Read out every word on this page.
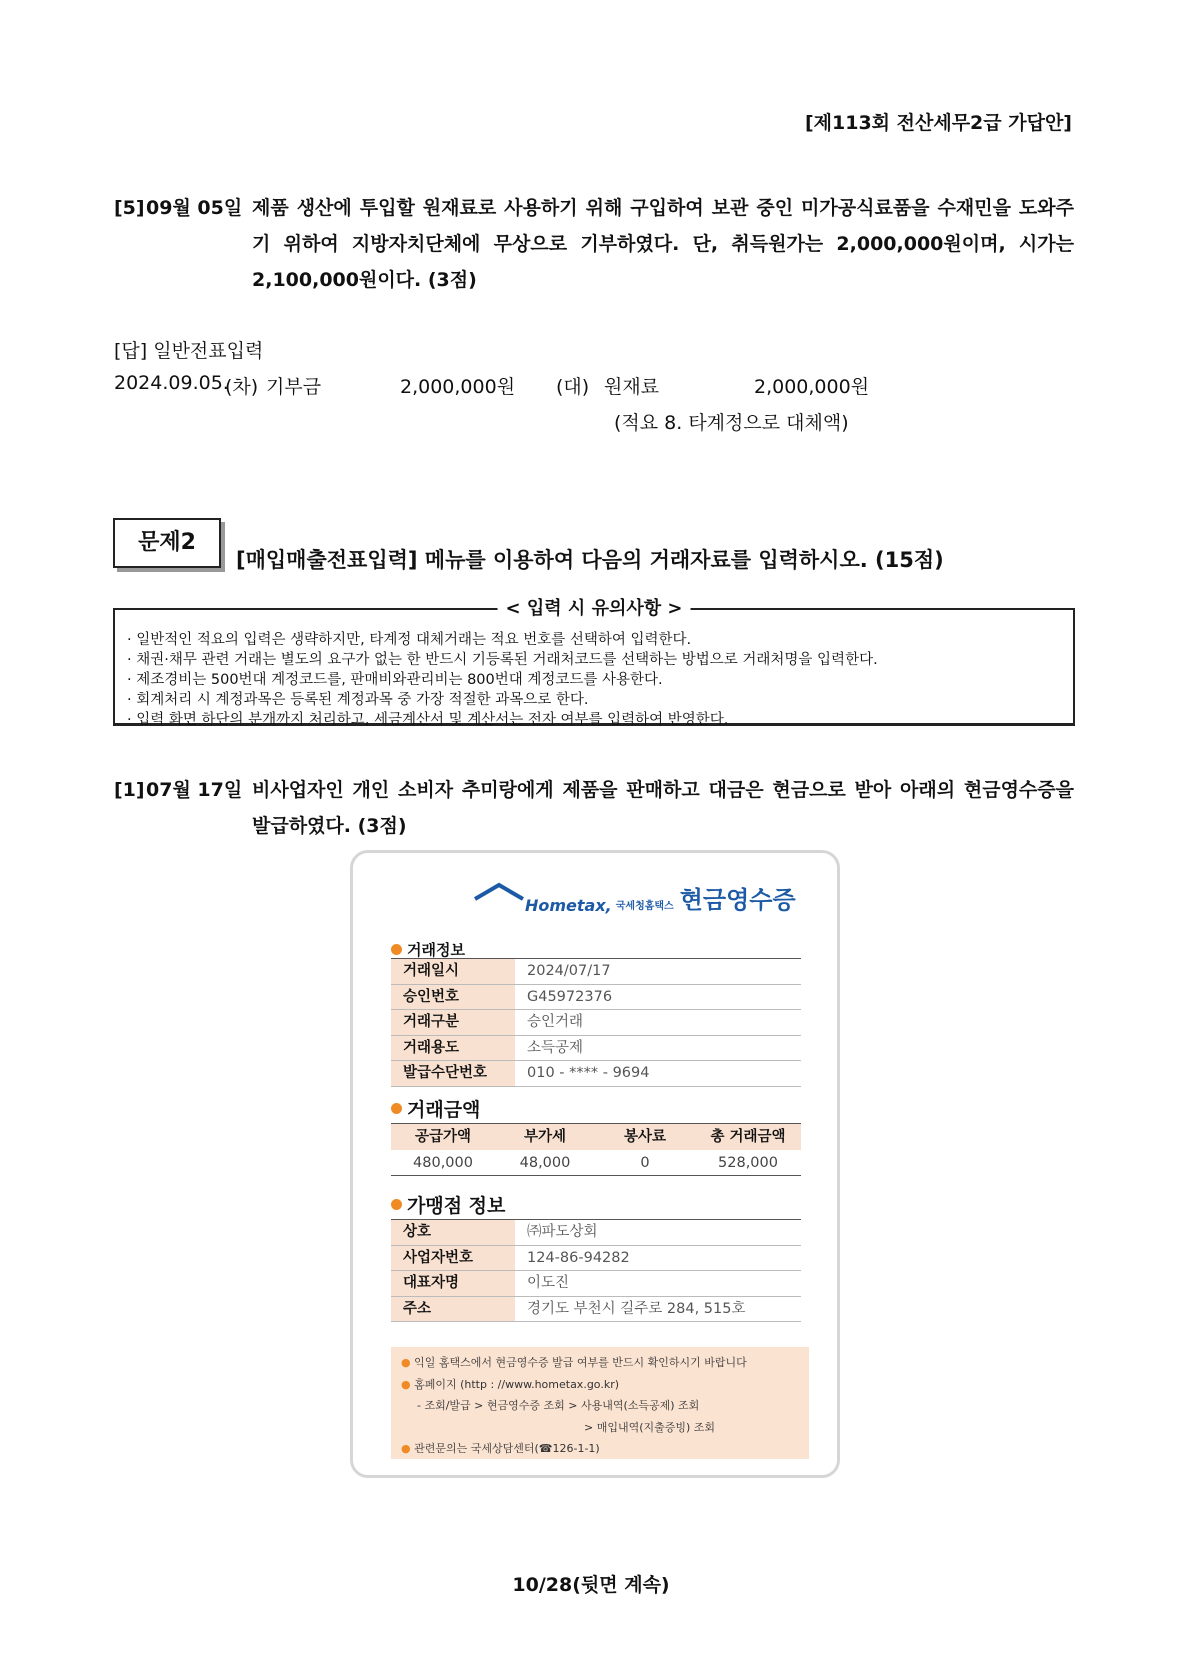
[제113회 전산세무2급 가답안]
[5] 09월 05일 제품 생산에 투입할 원재료로 사용하기 위해 구입하여 보관 중인 미가공식료품을 수재민을 도와주기 위하여 지방자치단체에 무상으로 기부하였다. 단, 취득원가는 2,000,000원이며, 시가는 2,100,000원이다. (3점)
[답] 일반전표입력
2024.09.05.
(차) 기부금	2,000,000원 (대) 원재료	2,000,000원
(적요 8. 타계정으로 대체액)
문제2
[매입매출전표입력] 메뉴를 이용하여 다음의 거래자료를 입력하시오. (15점)
< 입력 시 유의사항 >
· 일반적인 적요의 입력은 생략하지만, 타계정 대체거래는 적요 번호를 선택하여 입력한다.
· 채권·채무 관련 거래는 별도의 요구가 없는 한 반드시 기등록된 거래처코드를 선택하는 방법으로 거래처명을 입력한다.
· 제조경비는 500번대 계정코드를, 판매비와관리비는 800번대 계정코드를 사용한다.
· 회계처리 시 계정과목은 등록된 계정과목 중 가장 적절한 과목으로 한다.
· 입력 화면 하단의 분개까지 처리하고, 세금계산서 및 계산서는 전자 여부를 입력하여 반영한다.
[1] 07월 17일 비사업자인 개인 소비자 추미랑에게 제품을 판매하고 대금은 현금으로 받아 아래의 현금영수증을 발급하였다. (3점)
Hometax, 국세청홈택스 현금영수증
거래정보
거래일시	2024/07/17
승인번호	G45972376
거래구분	승인거래
거래용도	소득공제
발급수단번호	010 - **** - 9694
거래금액
공급가액	부가세	봉사료	총 거래금액
480,000	48,000	0	528,000
가맹점 정보
상호	㈜파도상회
사업자번호	124-86-94282
대표자명	이도진
주소	경기도 부천시 길주로 284, 515호
● 익일 홈택스에서 현금영수증 발급 여부를 반드시 확인하시기 바랍니다
● 홈페이지 (http : //www.hometax.go.kr)
- 조회/발급 > 현금영수증 조회 > 사용내역(소득공제) 조회
> 매입내역(지출증빙) 조회
● 관련문의는 국세상담센터(☎126-1-1)
10/28(뒷면 계속)
